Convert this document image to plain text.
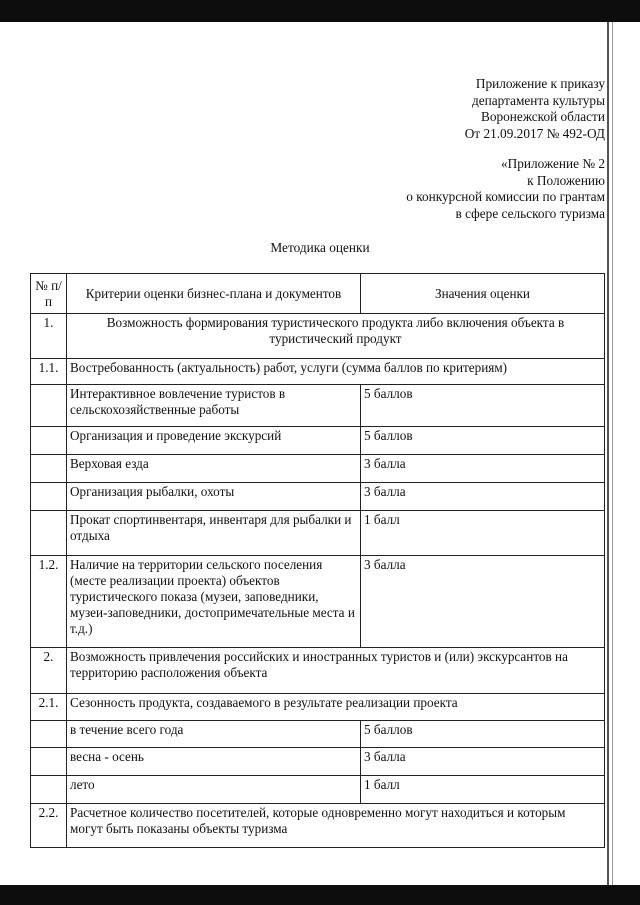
Приложение к приказу
департамента культуры
Воронежской области
От 21.09.2017 № 492-ОД
«Приложение № 2
к Положению
о конкурсной комиссии по грантам
в сфере сельского туризма
Методика оценки
№ п/п	Критерии оценки бизнес-плана и документов	Значения оценки
1.	Возможность формирования туристического продукта либо включения объекта в туристический продукт	
1.1.	Востребованность (актуальность) работ, услуги (сумма баллов по критериям)	
	Интерактивное вовлечение туристов в сельскохозяйственные работы	5 баллов
	Организация и проведение экскурсий	5 баллов
	Верховая езда	3 балла
	Организация рыбалки, охоты	3 балла
	Прокат спортинвентаря, инвентаря для рыбалки и отдыха	1 балл
1.2.	Наличие на территории сельского поселения (месте реализации проекта) объектов туристического показа (музеи, заповедники, музеи-заповедники, достопримечательные места и т.д.)	3 балла
2.	Возможность привлечения российских и иностранных туристов и (или) экскурсантов на территорию расположения объекта	
2.1.	Сезонность продукта, создаваемого в результате реализации проекта	
	в течение всего года	5 баллов
	весна - осень	3 балла
	лето	1 балл
2.2.	Расчетное количество посетителей, которые одновременно могут находиться и которым могут быть показаны объекты туризма	
